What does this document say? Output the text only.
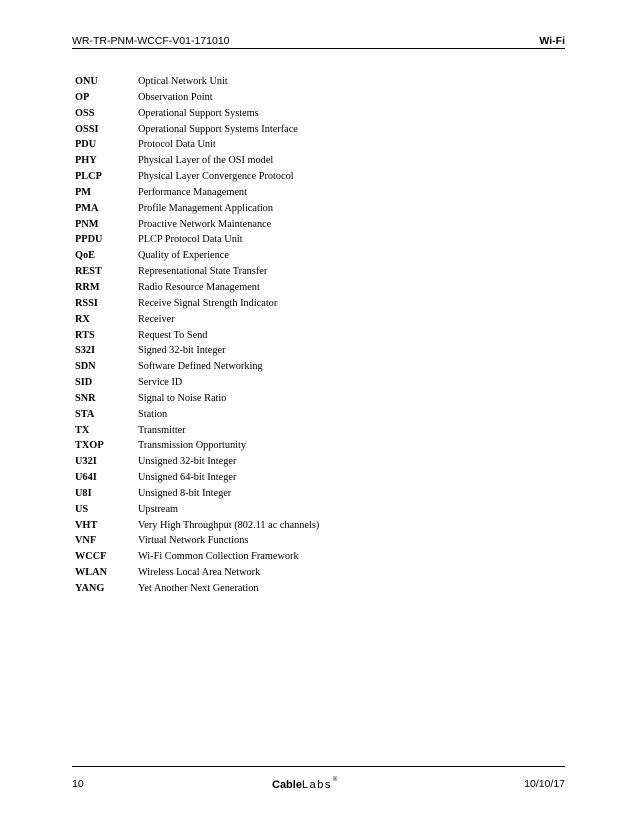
WR-TR-PNM-WCCF-V01-171010	Wi-Fi
ONU	Optical Network Unit
OP	Observation Point
OSS	Operational Support Systems
OSSI	Operational Support Systems Interface
PDU	Protocol Data Unit
PHY	Physical Layer of the OSI model
PLCP	Physical Layer Convergence Protocol
PM	Performance Management
PMA	Profile Management Application
PNM	Proactive Network Maintenance
PPDU	PLCP Protocol Data Unit
QoE	Quality of Experience
REST	Representational State Transfer
RRM	Radio Resource Management
RSSI	Receive Signal Strength Indicator
RX	Receiver
RTS	Request To Send
S32I	Signed 32-bit Integer
SDN	Software Defined Networking
SID	Service ID
SNR	Signal to Noise Ratio
STA	Station
TX	Transmitter
TXOP	Transmission Opportunity
U32I	Unsigned 32-bit Integer
U64I	Unsigned 64-bit Integer
U8I	Unsigned 8-bit Integer
US	Upstream
VHT	Very High Throughput (802.11 ac channels)
VNF	Virtual Network Functions
WCCF	Wi-Fi Common Collection Framework
WLAN	Wireless Local Area Network
YANG	Yet Another Next Generation
10	CableLabs®	10/10/17
